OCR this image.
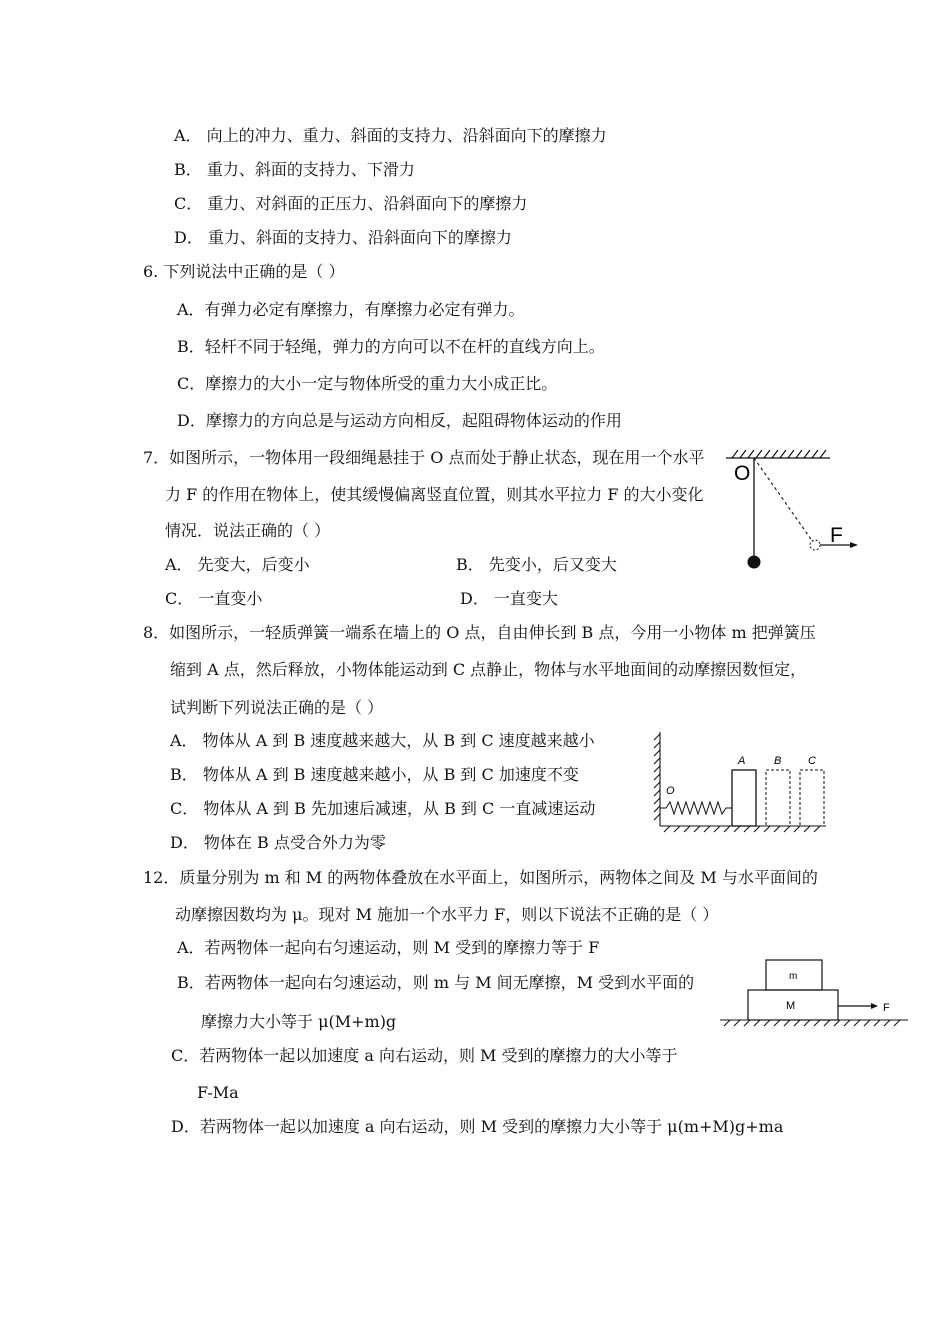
A． 向上的冲力、重力、斜面的支持力、沿斜面向下的摩擦力
B． 重力、斜面的支持力、下滑力
C． 重力、对斜面的正压力、沿斜面向下的摩擦力
D． 重力、斜面的支持力、沿斜面向下的摩擦力
6. 下列说法中正确的是（ ）
A．有弹力必定有摩擦力，有摩擦力必定有弹力。
B．轻杆不同于轻绳，弹力的方向可以不在杆的直线方向上。
C．摩擦力的大小一定与物体所受的重力大小成正比。
D．摩擦力的方向总是与运动方向相反，起阻碍物体运动的作用
7．如图所示，一物体用一段细绳悬挂于 O 点而处于静止状态，现在用一个水平
力 F 的作用在物体上，使其缓慢偏离竖直位置，则其水平拉力 F 的大小变化
情况．说法正确的（ ）
A． 先变大，后变小	B． 先变小，后又变大
C． 一直变小	D． 一直变大
O
F
8．如图所示，一轻质弹簧一端系在墙上的 O 点，自由伸长到 B 点，今用一小物体 m 把弹簧压
缩到 A 点，然后释放，小物体能运动到 C 点静止，物体与水平地面间的动摩擦因数恒定，
试判断下列说法正确的是（ ）
A． 物体从 A 到 B 速度越来越大，从 B 到 C 速度越来越小
B． 物体从 A 到 B 速度越来越小，从 B 到 C 加速度不变
C． 物体从 A 到 B 先加速后减速，从 B 到 C 一直减速运动
D． 物体在 B 点受合外力为零
O
A	B C
12．质量分别为 m 和 M 的两物体叠放在水平面上，如图所示，两物体之间及 M 与水平面间的
动摩擦因数均为 μ。现对 M 施加一个水平力 F，则以下说法不正确的是（ ）
A．若两物体一起向右匀速运动，则 M 受到的摩擦力等于 F
B．若两物体一起向右匀速运动，则 m 与 M 间无摩擦，M 受到水平面的
摩擦力大小等于 μ(M+m)g
C．若两物体一起以加速度 a 向右运动，则 M 受到的摩擦力的大小等于
F-Ma
D．若两物体一起以加速度 a 向右运动，则 M 受到的摩擦力大小等于 μ(m+M)g+ma
m
M	F
